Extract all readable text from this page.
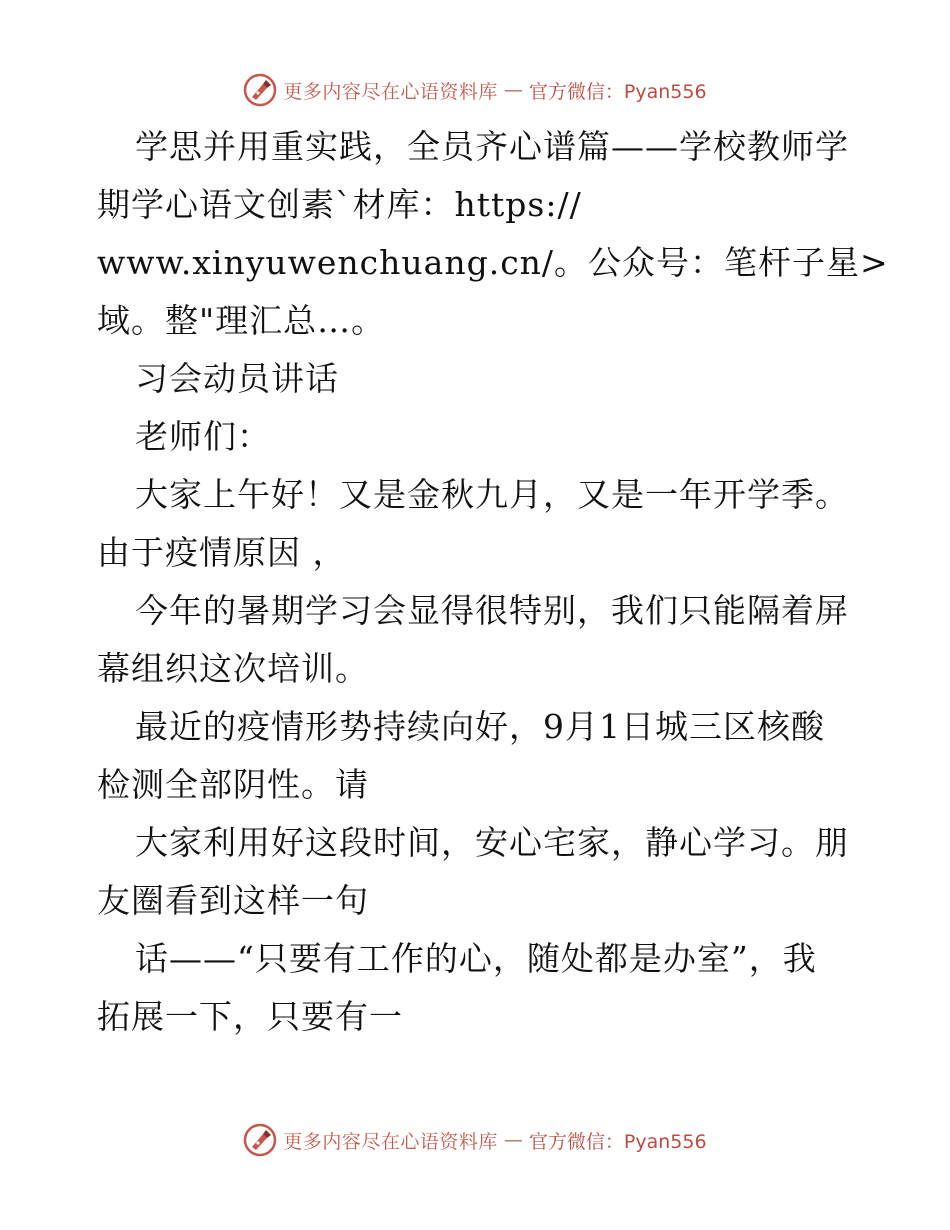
更多内容尽在心语资料库 — 官方微信：Pyan556
学思并用重实践，全员齐心谱篇——学校教师学
期学心语文创素`材库：https://
www.xinyuwenchuang.cn/。公众号：笔杆子星>
域。整"理汇总…。
习会动员讲话
老师们：
大家上午好！又是金秋九月，又是一年开学季。
由于疫情原因 ，
今年的暑期学习会显得很特别，我们只能隔着屏
幕组织这次培训。
最近的疫情形势持续向好，9月1日城三区核酸
检测全部阴性。请
大家利用好这段时间，安心宅家，静心学习。朋
友圈看到这样一句
话——“只要有工作的心，随处都是办室”，我
拓展一下，只要有一
更多内容尽在心语资料库 — 官方微信：Pyan556
